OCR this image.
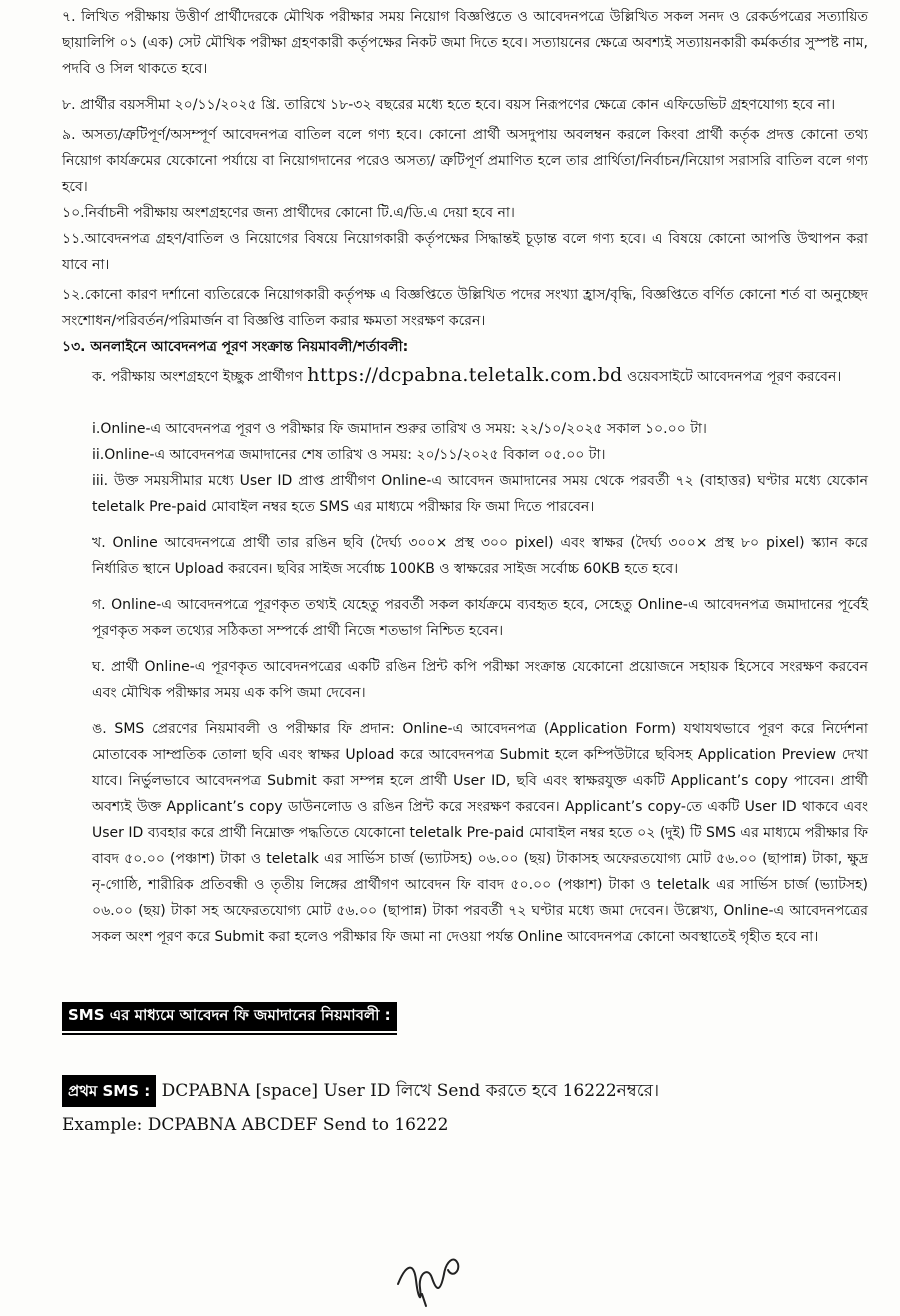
৭. লিখিত পরীক্ষায় উত্তীর্ণ প্রার্থীদেরকে মৌখিক পরীক্ষার সময় নিয়োগ বিজ্ঞপ্তিতে ও আবেদনপত্রে উল্লিখিত সকল সনদ ও রেকর্ডপত্রের সত্যায়িত ছায়ালিপি ০১ (এক) সেট মৌখিক পরীক্ষা গ্রহণকারী কর্তৃপক্ষের নিকট জমা দিতে হবে। সত্যায়নের ক্ষেত্রে অবশ্যই সত্যায়নকারী কর্মকর্তার সুস্পষ্ট নাম, পদবি ও সিল থাকতে হবে।

৮. প্রার্থীর বয়সসীমা ২০/১১/২০২৫ খ্রি. তারিখে ১৮-৩২ বছরের মধ্যে হতে হবে। বয়স নিরূপণের ক্ষেত্রে কোন এফিডেভিট গ্রহণযোগ্য হবে না।

৯. অসত্য/ত্রুটিপূর্ণ/অসম্পূর্ণ আবেদনপত্র বাতিল বলে গণ্য হবে। কোনো প্রার্থী অসদুপায় অবলম্বন করলে কিংবা প্রার্থী কর্তৃক প্রদত্ত কোনো তথ্য নিয়োগ কার্যক্রমের যেকোনো পর্যায়ে বা নিয়োগদানের পরেও অসত্য/ ত্রুটিপূর্ণ প্রমাণিত হলে তার প্রার্থিতা/নির্বাচন/নিয়োগ সরাসরি বাতিল বলে গণ্য হবে।

১০.নির্বাচনী পরীক্ষায় অংশগ্রহণের জন্য প্রার্থীদের কোনো টি.এ/ডি.এ দেয়া হবে না।

১১.আবেদনপত্র গ্রহণ/বাতিল ও নিয়োগের বিষয়ে নিয়োগকারী কর্তৃপক্ষের সিদ্ধান্তই চূড়ান্ত বলে গণ্য হবে। এ বিষয়ে কোনো আপত্তি উত্থাপন করা যাবে না।

১২.কোনো কারণ দর্শানো ব্যতিরেকে নিয়োগকারী কর্তৃপক্ষ এ বিজ্ঞপ্তিতে উল্লিখিত পদের সংখ্যা হ্রাস/বৃদ্ধি, বিজ্ঞপ্তিতে বর্ণিত কোনো শর্ত বা অনুচ্ছেদ সংশোধন/পরিবর্তন/পরিমার্জন বা বিজ্ঞপ্তি বাতিল করার ক্ষমতা সংরক্ষণ করেন।

১৩. অনলাইনে আবেদনপত্র পূরণ সংক্রান্ত নিয়মাবলী/শর্তাবলী:

ক. পরীক্ষায় অংশগ্রহণে ইচ্ছুক প্রার্থীগণ https://dcpabna.teletalk.com.bd ওয়েবসাইটে আবেদনপত্র পূরণ করবেন।

i.Online-এ আবেদনপত্র পূরণ ও পরীক্ষার ফি জমাদান শুরুর তারিখ ও সময়: ২২/১০/২০২৫ সকাল ১০.০০ টা।

ii.Online-এ আবেদনপত্র জমাদানের শেষ তারিখ ও সময়: ২০/১১/২০২৫ বিকাল ০৫.০০ টা।

iii. উক্ত সময়সীমার মধ্যে User ID প্রাপ্ত প্রার্থীগণ Online-এ আবেদন জমাদানের সময় থেকে পরবর্তী ৭২ (বাহাত্তর) ঘণ্টার মধ্যে যেকোন teletalk Pre-paid মোবাইল নম্বর হতে SMS এর মাধ্যমে পরীক্ষার ফি জমা দিতে পারবেন।

খ. Online আবেদনপত্রে প্রার্থী তার রঙিন ছবি (দৈর্ঘ্য ৩০০× প্রস্থ ৩০০ pixel) এবং স্বাক্ষর (দৈর্ঘ্য ৩০০× প্রস্থ ৮০ pixel) স্ক্যান করে নির্ধারিত স্থানে Upload করবেন। ছবির সাইজ সর্বোচ্চ 100KB ও স্বাক্ষরের সাইজ সর্বোচ্চ 60KB হতে হবে।

গ. Online-এ আবেদনপত্রে পূরণকৃত তথ্যই যেহেতু পরবর্তী সকল কার্যক্রমে ব্যবহৃত হবে, সেহেতু Online-এ আবেদনপত্র জমাদানের পূর্বেই পূরণকৃত সকল তথ্যের সঠিকতা সম্পর্কে প্রার্থী নিজে শতভাগ নিশ্চিত হবেন।

ঘ. প্রার্থী Online-এ পূরণকৃত আবেদনপত্রের একটি রঙিন প্রিন্ট কপি পরীক্ষা সংক্রান্ত যেকোনো প্রয়োজনে সহায়ক হিসেবে সংরক্ষণ করবেন এবং মৌখিক পরীক্ষার সময় এক কপি জমা দেবেন।

ঙ. SMS প্রেরণের নিয়মাবলী ও পরীক্ষার ফি প্রদান: Online-এ আবেদনপত্র (Application Form) যথাযথভাবে পূরণ করে নির্দেশনা মোতাবেক সাম্প্রতিক তোলা ছবি এবং স্বাক্ষর Upload করে আবেদনপত্র Submit হলে কম্পিউটারে ছবিসহ Application Preview দেখা যাবে। নির্ভুলভাবে আবেদনপত্র Submit করা সম্পন্ন হলে প্রার্থী User ID, ছবি এবং স্বাক্ষরযুক্ত একটি Applicant’s copy পাবেন। প্রার্থী অবশ্যই উক্ত Applicant’s copy ডাউনলোড ও রঙিন প্রিন্ট করে সংরক্ষণ করবেন। Applicant’s copy-তে একটি User ID থাকবে এবং User ID ব্যবহার করে প্রার্থী নিম্নোক্ত পদ্ধতিতে যেকোনো teletalk Pre-paid মোবাইল নম্বর হতে ০২ (দুই) টি SMS এর মাধ্যমে পরীক্ষার ফি বাবদ ৫০.০০ (পঞ্চাশ) টাকা ও teletalk এর সার্ভিস চার্জ (ভ্যাটসহ) ০৬.০০ (ছয়) টাকাসহ অফেরতযোগ্য মোট ৫৬.০০ (ছাপান্ন) টাকা, ক্ষুদ্র নৃ-গোষ্ঠি, শারীরিক প্রতিবন্ধী ও তৃতীয় লিঙ্গের প্রার্থীগণ আবেদন ফি বাবদ ৫০.০০ (পঞ্চাশ) টাকা ও teletalk এর সার্ভিস চার্জ (ভ্যাটসহ) ০৬.০০ (ছয়) টাকা সহ অফেরতযোগ্য মোট ৫৬.০০ (ছাপান্ন) টাকা পরবর্তী ৭২ ঘণ্টার মধ্যে জমা দেবেন। উল্লেখ্য, Online-এ আবেদনপত্রের সকল অংশ পূরণ করে Submit করা হলেও পরীক্ষার ফি জমা না দেওয়া পর্যন্ত Online আবেদনপত্র কোনো অবস্থাতেই গৃহীত হবে না।

SMS এর মাধ্যমে আবেদন ফি জমাদানের নিয়মাবলী :

প্রথম SMS : DCPABNA [space] User ID লিখে Send করতে হবে 16222নম্বরে।

Example: DCPABNA ABCDEF Send to 16222
